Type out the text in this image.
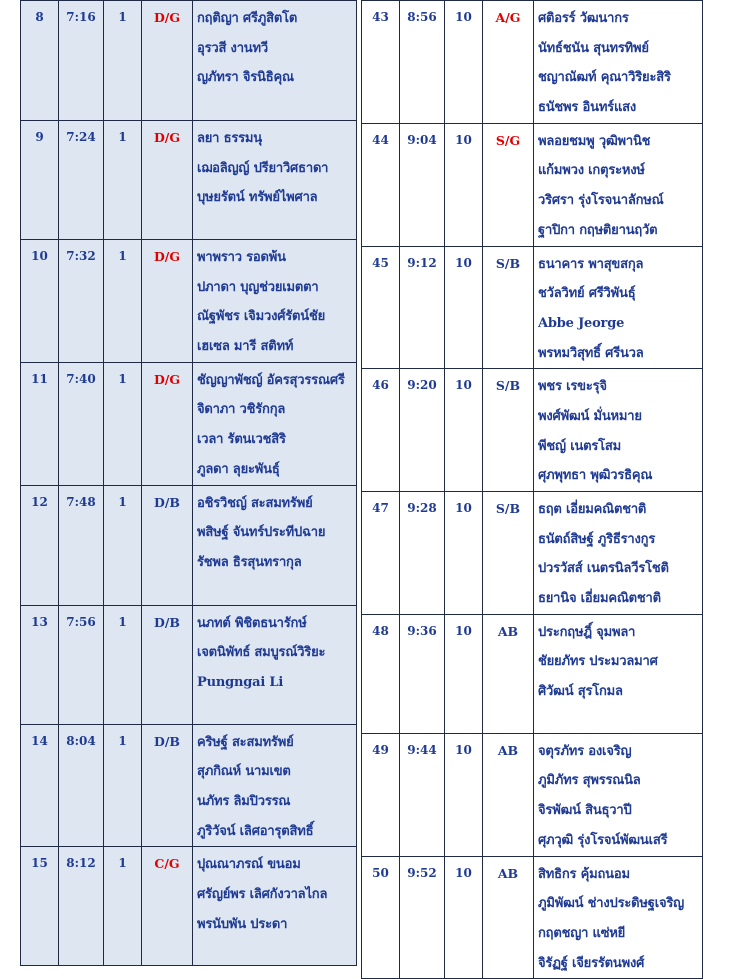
8	7:16	1	D/G	กฤติญา ศรีภูสิตโต
อุรวสี งานทวี
ญภัทรา จิรนิธิคุณ

9	7:24	1	D/G	ลยา ธรรมนุ
เฌอลิญญ์ ปรียาวิศธาดา
บุษยรัตน์ ทรัพย์ไพศาล

10	7:32	1	D/G	พาพราว รอดพ้น
ปภาดา บุญช่วยเมตตา
ณัฐพัชร เจิมวงศ์รัตน์ชัย
เฮเซล มารี สติทท์

11	7:40	1	D/G	ชัญญาพัชญ์ อัครสุวรรณศรี
จิดาภา วชิรักกุล
เวลา รัตนเวชสิริ
ภูลดา ลุยะพันธุ์

12	7:48	1	D/B	อชิรวิชญ์ สะสมทรัพย์
พสิษฐ์ จันทร์ประทีปฉาย
รัชพล ธิรสุนทรากุล

13	7:56	1	D/B	นภทต์ พิชิตธนารักษ์
เจตนิพัทธ์ สมบูรณ์วิริยะ
Pungngai Li

14	8:04	1	D/B	คริษฐ์ สะสมทรัพย์
สุภกิณห์ นามเขต
นภัทร ลิมปิวรรณ
ภูริวัจน์ เลิศอารุตสิทธิ์

15	8:12	1	C/G	ปุณณาภรณ์ ขนอม
ศรัญย์พร เลิศกังวาลไกล
พรนับพัน ประดา
43	8:56	10	A/G	ศติอรร์ วัฒนากร
นัทธ์ชนัน สุนทรทิพย์
ชญาณัฒท์ คุณาวิริยะสิริ
ธนัชพร อินทร์แสง

44	9:04	10	S/G	พลอยชมพู วุฒิพานิช
แก้มพวง เกตุระหงษ์
วริศรา รุ่งโรจนาลักษณ์
ฐาปิกา กฤษติยานฤวัต

45	9:12	10	S/B	ธนาคาร พาสุขสกุล
ชวัลวิทย์ ศรีวิพันธุ์
Abbe Jeorge
พรหมวิสุทธิ์ ศรีนวล

46	9:20	10	S/B	พชร เรขะรุจิ
พงศ์พัฒน์ มั่นหมาย
พีชญ์ เนตรโสม
ศุภพุทธา พุฒิวรธิคุณ

47	9:28	10	S/B	ธฤต เอี่ยมคณิตชาติ
ธนัตถ์สิษฐ์ ภูริธีรางกูร
ปวรวัสส์ เนตรนิลวีรโชติ
ธยานิจ เอี่ยมคณิตชาติ

48	9:36	10	AB	ประกฤษฎิ์ จุมพลา
ชัยยภัทร ประมวลมาศ
ศิวัฒน์ สุรโกมล

49	9:44	10	AB	จตุรภัทร องเจริญ
ภูมิภัทร สุพรรณนิล
จิรพัฒน์ สินธุวาปี
ศุภวุฒิ รุ่งโรจน์พัฒนเสรี

50	9:52	10	AB	สิทธิกร คุ้มถนอม
ภูมิพัฒน์ ช่างประดิษฐเจริญ
กฤตชญา แซ่หยี
จิรัฏฐ์ เจียรรัตนพงศ์
